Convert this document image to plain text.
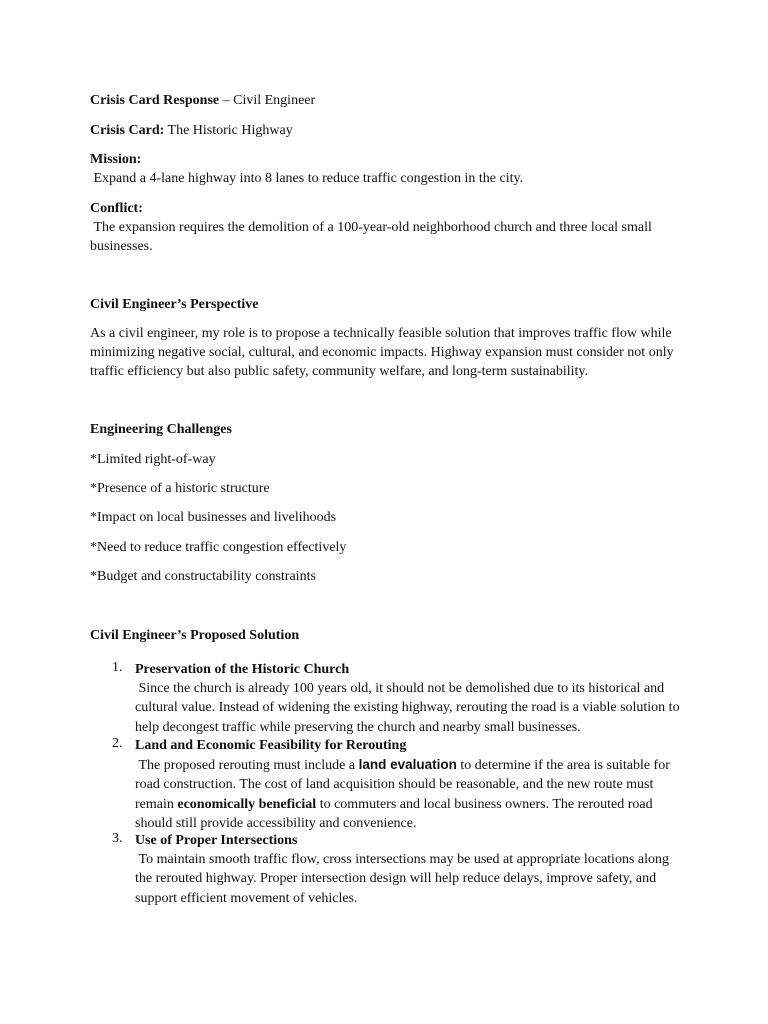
Crisis Card Response – Civil Engineer
Crisis Card: The Historic Highway
Mission:
Expand a 4-lane highway into 8 lanes to reduce traffic congestion in the city.
Conflict:
The expansion requires the demolition of a 100-year-old neighborhood church and three local small businesses.
Civil Engineer’s Perspective
As a civil engineer, my role is to propose a technically feasible solution that improves traffic flow while minimizing negative social, cultural, and economic impacts. Highway expansion must consider not only traffic efficiency but also public safety, community welfare, and long-term sustainability.
Engineering Challenges
*Limited right-of-way
*Presence of a historic structure
*Impact on local businesses and livelihoods
*Need to reduce traffic congestion effectively
*Budget and constructability constraints
Civil Engineer’s Proposed Solution
1. Preservation of the Historic Church
Since the church is already 100 years old, it should not be demolished due to its historical and cultural value. Instead of widening the existing highway, rerouting the road is a viable solution to help decongest traffic while preserving the church and nearby small businesses.
2. Land and Economic Feasibility for Rerouting
The proposed rerouting must include a land evaluation to determine if the area is suitable for road construction. The cost of land acquisition should be reasonable, and the new route must remain economically beneficial to commuters and local business owners. The rerouted road should still provide accessibility and convenience.
3. Use of Proper Intersections
To maintain smooth traffic flow, cross intersections may be used at appropriate locations along the rerouted highway. Proper intersection design will help reduce delays, improve safety, and support efficient movement of vehicles.
